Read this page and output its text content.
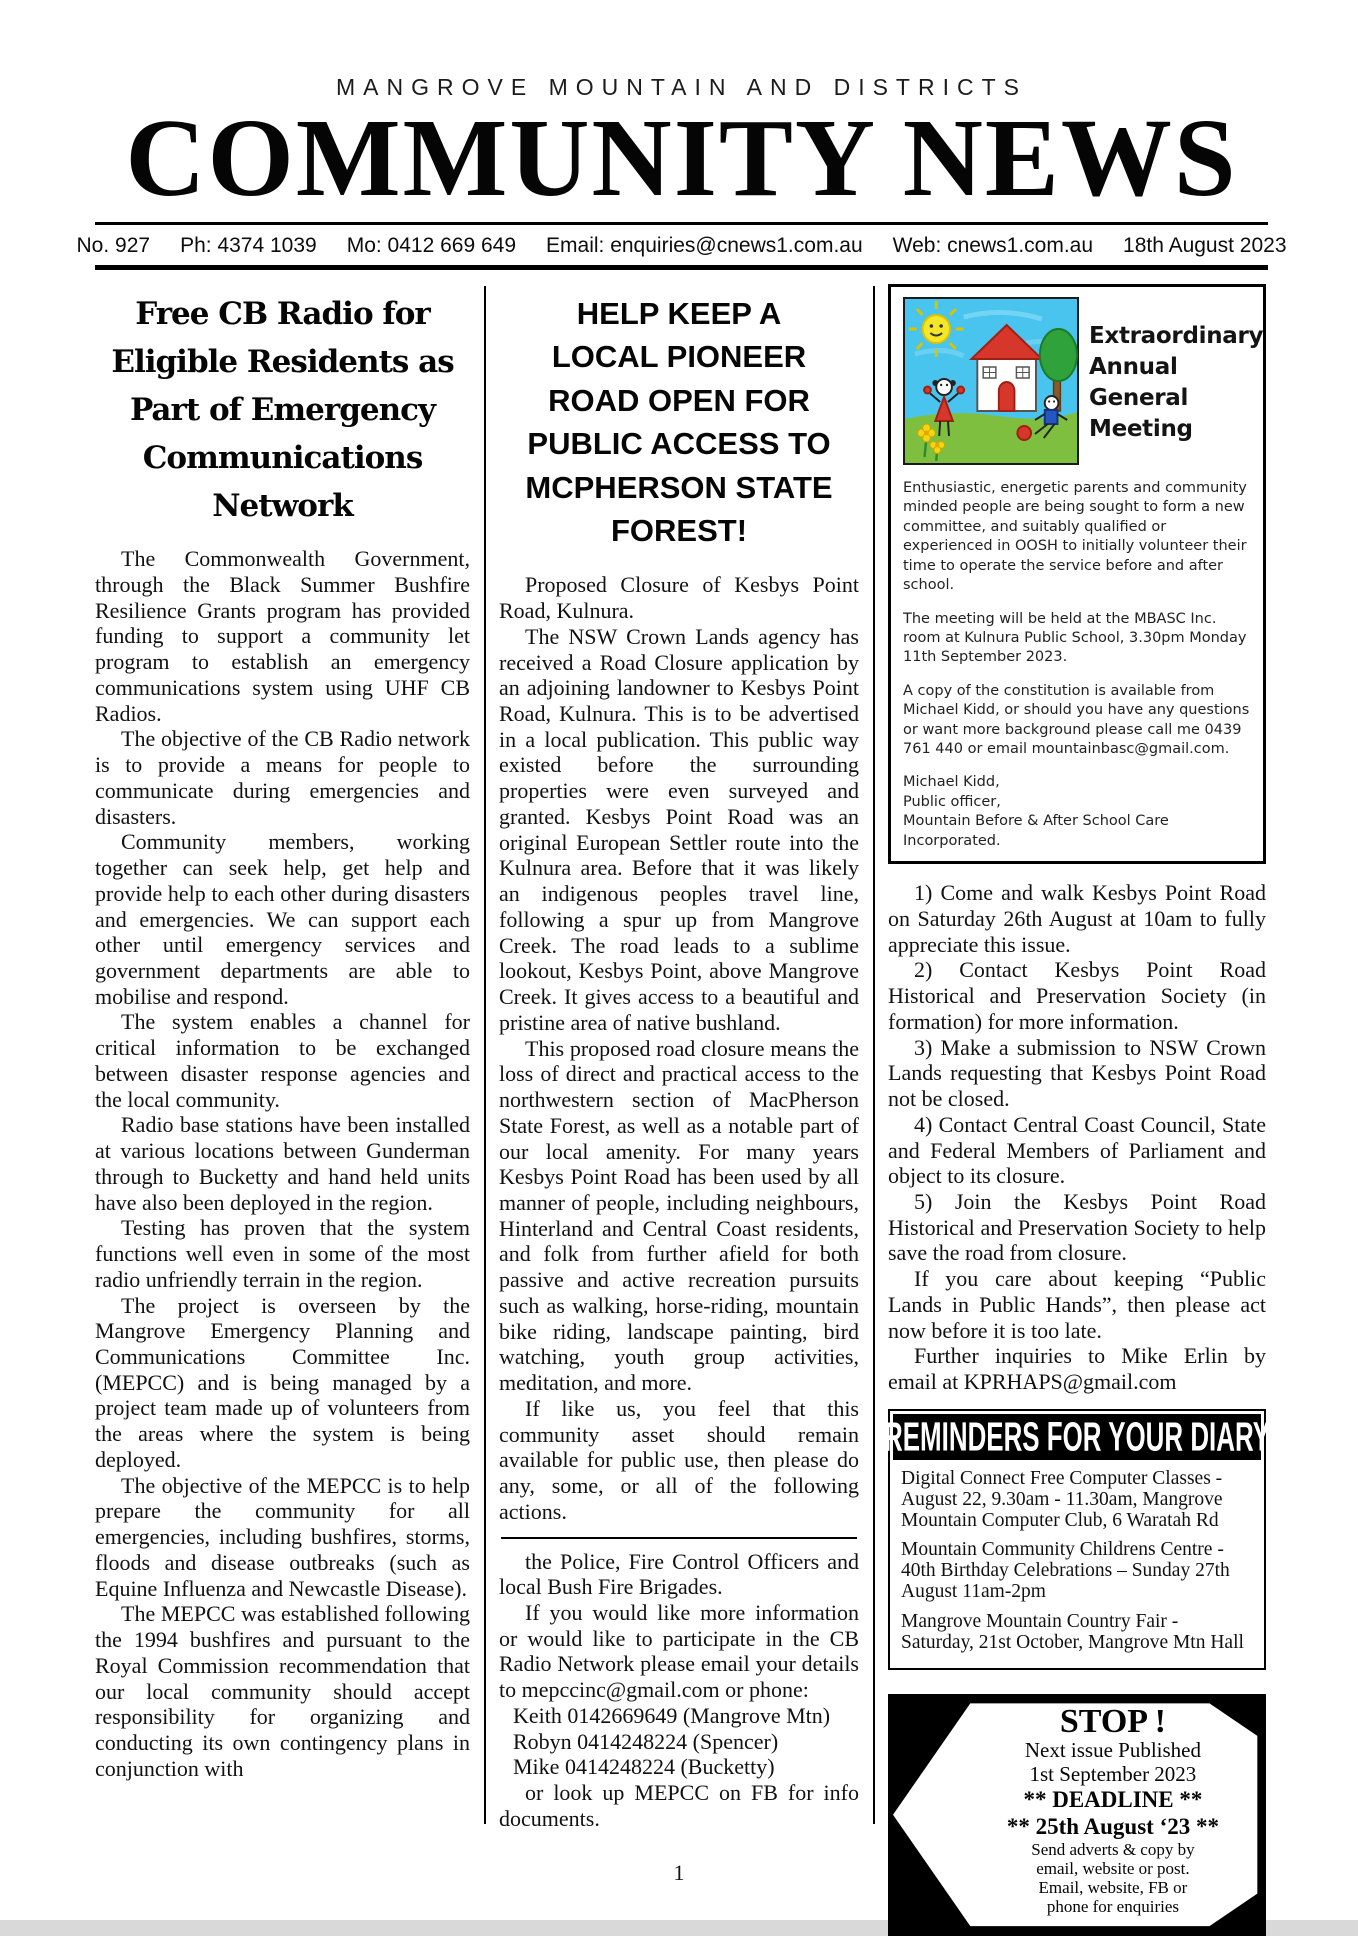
MANGROVE MOUNTAIN AND DISTRICTS
COMMUNITY NEWS
No. 927 Ph: 4374 1039 Mo: 0412 669 649 Email: enquiries@cnews1.com.au Web: cnews1.com.au 18th August 2023
Free CB Radio for
Eligible Residents as
Part of Emergency
Communications
Network

The Commonwealth Government, through the Black Summer Bushfire Resilience Grants program has provided funding to support a community let program to establish an emergency communications system using UHF CB Radios.

The objective of the CB Radio network is to provide a means for people to communicate during emergencies and disasters.

Community members, working together can seek help, get help and provide help to each other during disasters and emergencies. We can support each other until emergency services and government departments are able to mobilise and respond.

The system enables a channel for critical information to be exchanged between disaster response agencies and the local community.

Radio base stations have been installed at various locations between Gunderman through to Bucketty and hand held units have also been deployed in the region.

Testing has proven that the system functions well even in some of the most radio unfriendly terrain in the region.

The project is overseen by the Mangrove Emergency Planning and Communications Committee Inc. (MEPCC) and is being managed by a project team made up of volunteers from the areas where the system is being deployed.

The objective of the MEPCC is to help prepare the community for all emergencies, including bushfires, storms, floods and disease outbreaks (such as Equine Influenza and Newcastle Disease).

The MEPCC was established following the 1994 bushfires and pursuant to the Royal Commission recommendation that our local community should accept responsibility for organizing and conducting its own contingency plans in conjunction with

HELP KEEP A
LOCAL PIONEER
ROAD OPEN FOR
PUBLIC ACCESS TO
MCPHERSON STATE
FOREST!

Proposed Closure of Kesbys Point Road, Kulnura.

The NSW Crown Lands agency has received a Road Closure application by an adjoining landowner to Kesbys Point Road, Kulnura. This is to be advertised in a local publication. This public way existed before the surrounding properties were even surveyed and granted. Kesbys Point Road was an original European Settler route into the Kulnura area. Before that it was likely an indigenous peoples travel line, following a spur up from Mangrove Creek. The road leads to a sublime lookout, Kesbys Point, above Mangrove Creek. It gives access to a beautiful and pristine area of native bushland.

This proposed road closure means the loss of direct and practical access to the northwestern section of MacPherson State Forest, as well as a notable part of our local amenity. For many years Kesbys Point Road has been used by all manner of people, including neighbours, Hinterland and Central Coast residents, and folk from further afield for both passive and active recreation pursuits such as walking, horse-riding, mountain bike riding, landscape painting, bird watching, youth group activities, meditation, and more.

If like us, you feel that this community asset should remain available for public use, then please do any, some, or all of the following actions.

the Police, Fire Control Officers and local Bush Fire Brigades.

If you would like more information or would like to participate in the CB Radio Network please email your details to mepccinc@gmail.com or phone:

Keith 0142669649 (Mangrove Mtn)

Robyn 0414248224 (Spencer)

Mike 0414248224 (Bucketty)

or look up MEPCC on FB for info documents.

1
Extraordinary
Annual
General
Meeting

Enthusiastic, energetic parents and community minded people are being sought to form a new committee, and suitably qualified or experienced in OOSH to initially volunteer their time to operate the service before and after school.

The meeting will be held at the MBASC Inc. room at Kulnura Public School, 3.30pm Monday 11th September 2023.

A copy of the constitution is available from Michael Kidd, or should you have any questions or want more background please call me 0439 761 440 or email mountainbasc@gmail.com.

Michael Kidd,
Public officer,
Mountain Before & After School Care Incorporated.

1) Come and walk Kesbys Point Road on Saturday 26th August at 10am to fully appreciate this issue.

2) Contact Kesbys Point Road Historical and Preservation Society (in formation) for more information.

3) Make a submission to NSW Crown Lands requesting that Kesbys Point Road not be closed.

4) Contact Central Coast Council, State and Federal Members of Parliament and object to its closure.

5) Join the Kesbys Point Road Historical and Preservation Society to help save the road from closure.

If you care about keeping “Public Lands in Public Hands”, then please act now before it is too late.

Further inquiries to Mike Erlin by email at KPRHAPS@gmail.com

REMINDERS FOR YOUR DIARY

Digital Connect Free Computer Classes - August 22, 9.30am - 11.30am, Mangrove Mountain Computer Club, 6 Waratah Rd

Mountain Community Childrens Centre - 40th Birthday Celebrations – Sunday 27th August 11am-2pm

Mangrove Mountain Country Fair - Saturday, 21st October, Mangrove Mtn Hall

STOP !
Next issue Published
1st September 2023
** DEADLINE **
** 25th August ‘23 **
Send adverts & copy by
email, website or post.
Email, website, FB or
phone for enquiries
